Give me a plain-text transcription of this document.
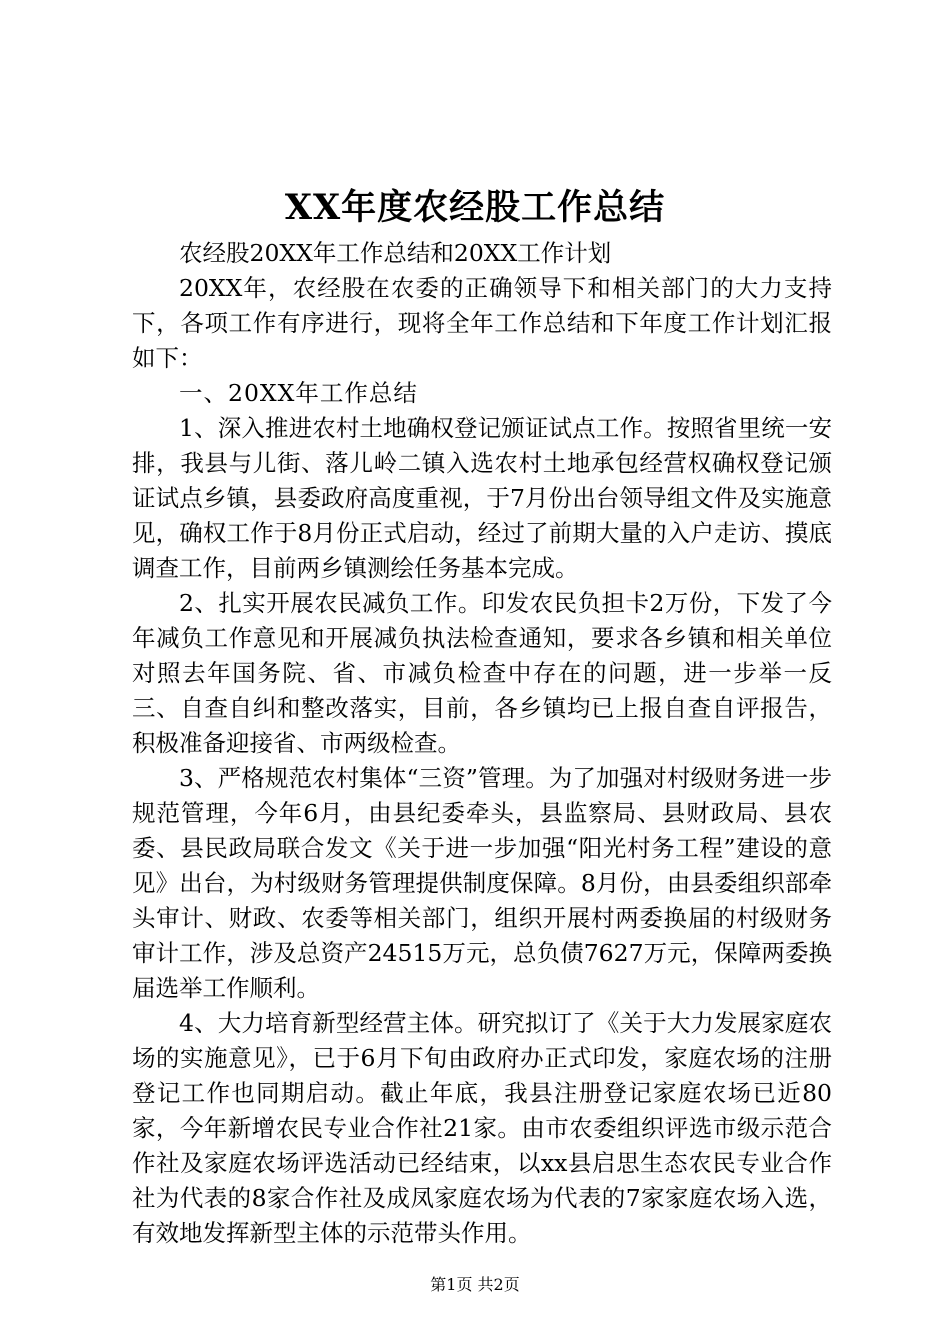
XX年度农经股工作总结

农经股20XX年工作总结和20XX工作计划

20XX年，农经股在农委的正确领导下和相关部门的大力支持下，各项工作有序进行，现将全年工作总结和下年度工作计划汇报如下：

一、20XX年工作总结

1、深入推进农村土地确权登记颁证试点工作。按照省里统一安排，我县与儿街、落儿岭二镇入选农村土地承包经营权确权登记颁证试点乡镇，县委政府高度重视，于7月份出台领导组文件及实施意见，确权工作于8月份正式启动，经过了前期大量的入户走访、摸底调查工作，目前两乡镇测绘任务基本完成。

2、扎实开展农民减负工作。印发农民负担卡2万份，下发了今年减负工作意见和开展减负执法检查通知，要求各乡镇和相关单位对照去年国务院、省、市减负检查中存在的问题，进一步举一反三、自查自纠和整改落实，目前，各乡镇均已上报自查自评报告，积极准备迎接省、市两级检查。

3、严格规范农村集体“三资”管理。为了加强对村级财务进一步规范管理，今年6月，由县纪委牵头，县监察局、县财政局、县农委、县民政局联合发文《关于进一步加强“阳光村务工程”建设的意见》出台，为村级财务管理提供制度保障。8月份，由县委组织部牵头审计、财政、农委等相关部门，组织开展村两委换届的村级财务审计工作，涉及总资产24515万元，总负债7627万元，保障两委换届选举工作顺利。

4、大力培育新型经营主体。研究拟订了《关于大力发展家庭农场的实施意见》，已于6月下旬由政府办正式印发，家庭农场的注册登记工作也同期启动。截止年底，我县注册登记家庭农场已近80家，今年新增农民专业合作社21家。由市农委组织评选市级示范合作社及家庭农场评选活动已经结束，以xx县启思生态农民专业合作社为代表的8家合作社及成凤家庭农场为代表的7家家庭农场入选，有效地发挥新型主体的示范带头作用。

第1页 共2页
